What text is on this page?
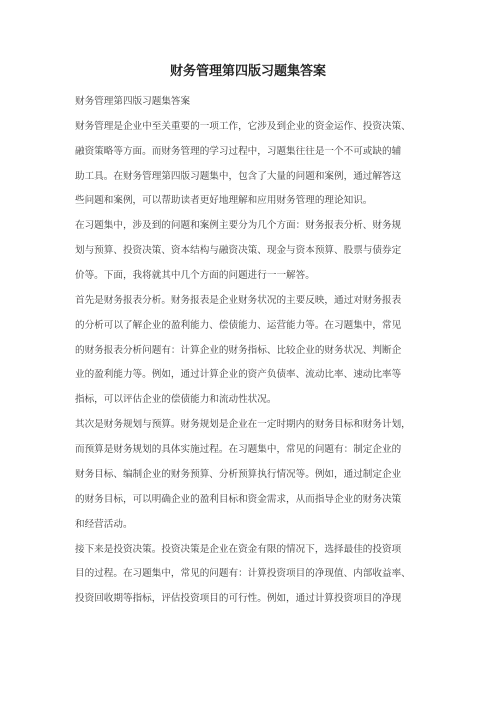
财务管理第四版习题集答案

财务管理第四版习题集答案

财务管理是企业中至关重要的一项工作，它涉及到企业的资金运作、投资决策、

融资策略等方面。而财务管理的学习过程中，习题集往往是一个不可或缺的辅

助工具。在财务管理第四版习题集中，包含了大量的问题和案例，通过解答这

些问题和案例，可以帮助读者更好地理解和应用财务管理的理论知识。

在习题集中，涉及到的问题和案例主要分为几个方面：财务报表分析、财务规

划与预算、投资决策、资本结构与融资决策、现金与资本预算、股票与债券定

价等。下面，我将就其中几个方面的问题进行一一解答。

首先是财务报表分析。财务报表是企业财务状况的主要反映，通过对财务报表

的分析可以了解企业的盈利能力、偿债能力、运营能力等。在习题集中，常见

的财务报表分析问题有：计算企业的财务指标、比较企业的财务状况、判断企

业的盈利能力等。例如，通过计算企业的资产负债率、流动比率、速动比率等

指标，可以评估企业的偿债能力和流动性状况。

其次是财务规划与预算。财务规划是企业在一定时期内的财务目标和财务计划，

而预算是财务规划的具体实施过程。在习题集中，常见的问题有：制定企业的

财务目标、编制企业的财务预算、分析预算执行情况等。例如，通过制定企业

的财务目标，可以明确企业的盈利目标和资金需求，从而指导企业的财务决策

和经营活动。

接下来是投资决策。投资决策是企业在资金有限的情况下，选择最佳的投资项

目的过程。在习题集中，常见的问题有：计算投资项目的净现值、内部收益率、

投资回收期等指标，评估投资项目的可行性。例如，通过计算投资项目的净现
